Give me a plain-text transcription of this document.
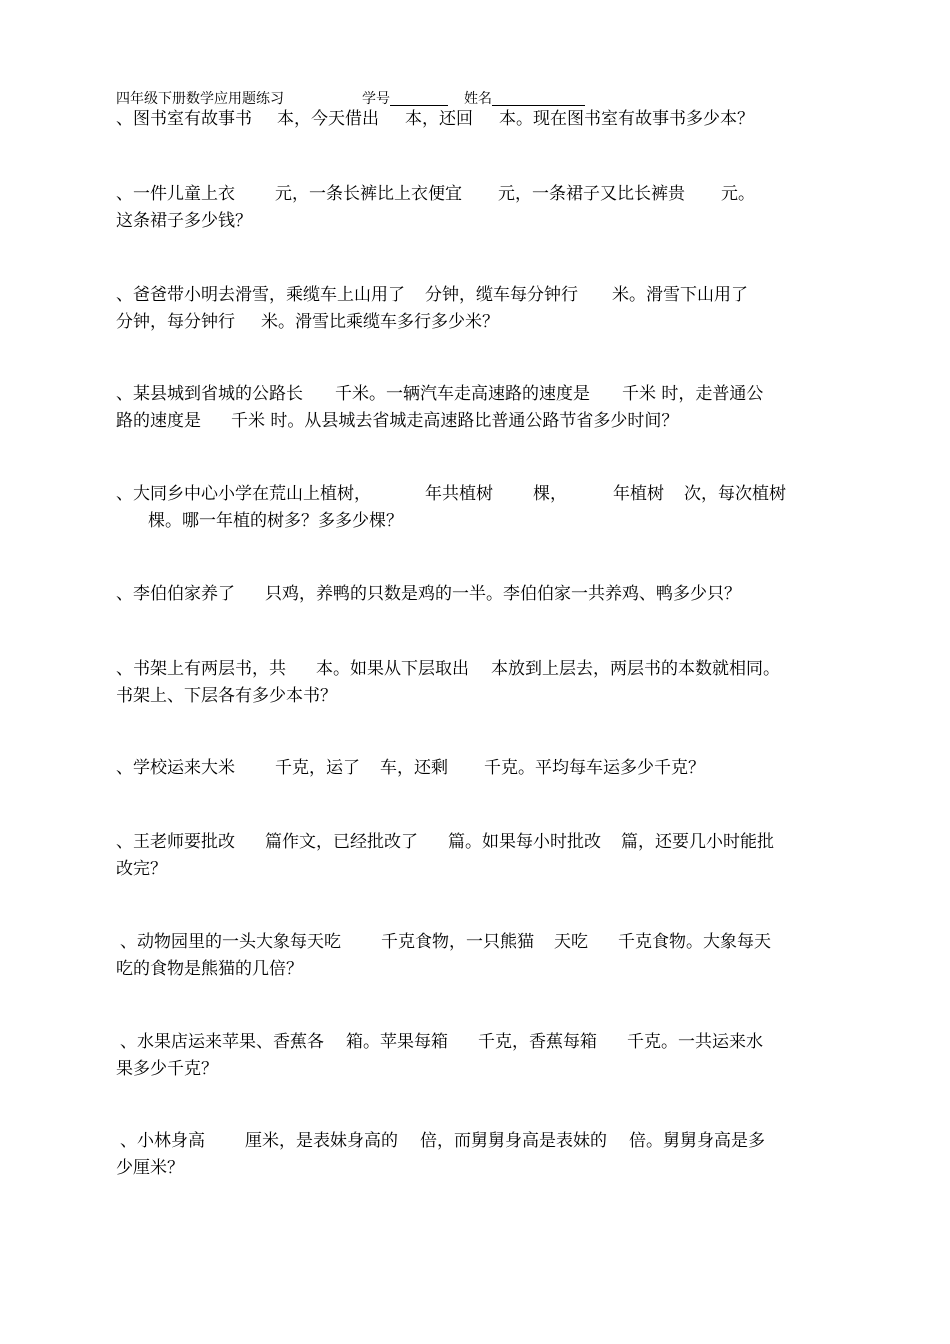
四年级下册数学应用题练习	学号	姓名
、图书室有故事书 本，今天借出 本，还回 本。现在图书室有故事书多少本？
、一件儿童上衣 元，一条长裤比上衣便宜 元，一条裙子又比长裤贵 元。
这条裙子多少钱？
、爸爸带小明去滑雪，乘缆车上山用了 分钟，缆车每分钟行 米。滑雪下山用了
分钟，每分钟行 米。滑雪比乘缆车多行多少米？
、某县城到省城的公路长 千米。一辆汽车走高速路的速度是 千米 时，走普通公
路的速度是 千米 时。从县城去省城走高速路比普通公路节省多少时间？
、大同乡中心小学在荒山上植树，	年共植树 棵，	年植树 次，每次植树
棵。哪一年植的树多？多多少棵？
、李伯伯家养了 只鸡，养鸭的只数是鸡的一半。李伯伯家一共养鸡、鸭多少只？
、书架上有两层书，共 本。如果从下层取出 本放到上层去，两层书的本数就相同。
书架上、下层各有多少本书？
、学校运来大米 千克，运了 车，还剩 千克。平均每车运多少千克？
、王老师要批改 篇作文，已经批改了 篇。如果每小时批改 篇，还要几小时能批
改完？
、动物园里的一头大象每天吃 千克食物，一只熊猫 天吃 千克食物。大象每天
吃的食物是熊猫的几倍？
、水果店运来苹果、香蕉各 箱。苹果每箱 千克，香蕉每箱 千克。一共运来水
果多少千克？
、小林身高 厘米，是表妹身高的 倍，而舅舅身高是表妹的 倍。舅舅身高是多
少厘米？
